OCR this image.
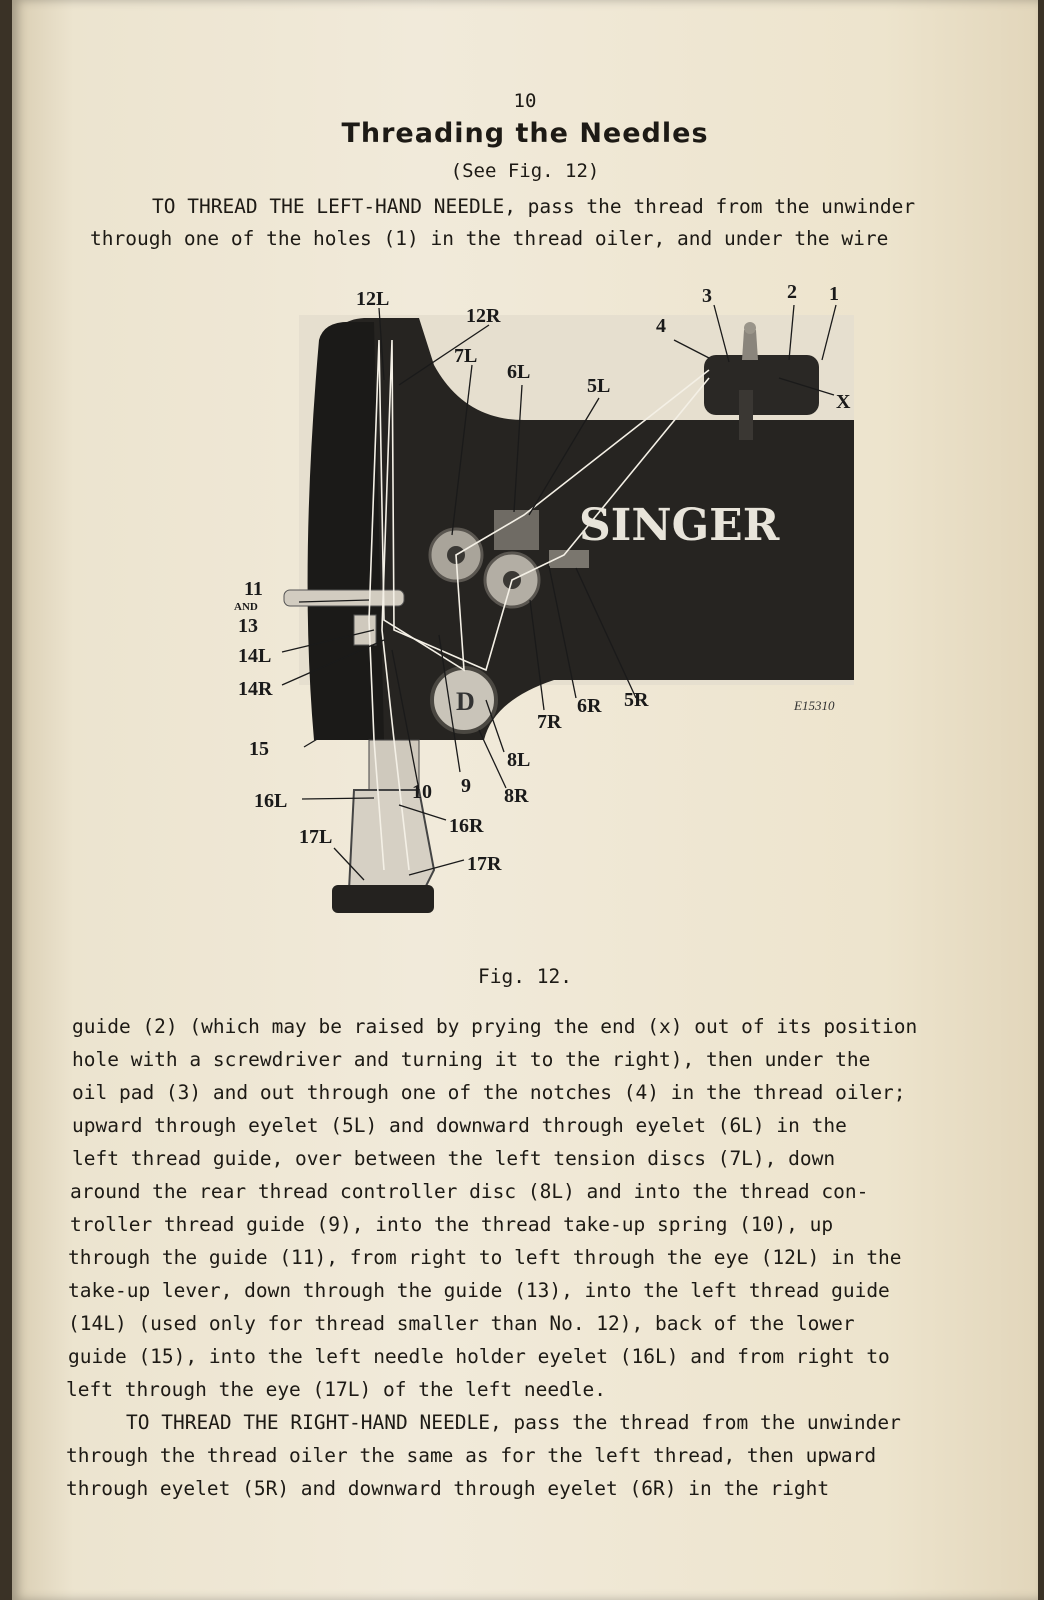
10
Threading the Needles
(See Fig. 12)
TO THREAD THE LEFT-HAND NEEDLE, pass the thread from the unwinder
through one of the holes (1) in the thread oiler, and under the wire
D
SINGER
E15310
12L
12R
7L
6L
5L
3	2 1
4
X
11
AND
13
14L
14R
15
16L	10 9
16R
17L
17R
7R
6R 5R
8L
8R
Fig. 12.
guide (2) (which may be raised by prying the end (x) out of its position
hole with a screwdriver and turning it to the right), then under the
oil pad (3) and out through one of the notches (4) in the thread oiler;
upward through eyelet (5L) and downward through eyelet (6L) in the
left thread guide, over between the left tension discs (7L), down
around the rear thread controller disc (8L) and into the thread con-
troller thread guide (9), into the thread take-up spring (10), up
through the guide (11), from right to left through the eye (12L) in the
take-up lever, down through the guide (13), into the left thread guide
(14L) (used only for thread smaller than No. 12), back of the lower
guide (15), into the left needle holder eyelet (16L) and from right to
left through the eye (17L) of the left needle.
TO THREAD THE RIGHT-HAND NEEDLE, pass the thread from the unwinder
through the thread oiler the same as for the left thread, then upward
through eyelet (5R) and downward through eyelet (6R) in the right
